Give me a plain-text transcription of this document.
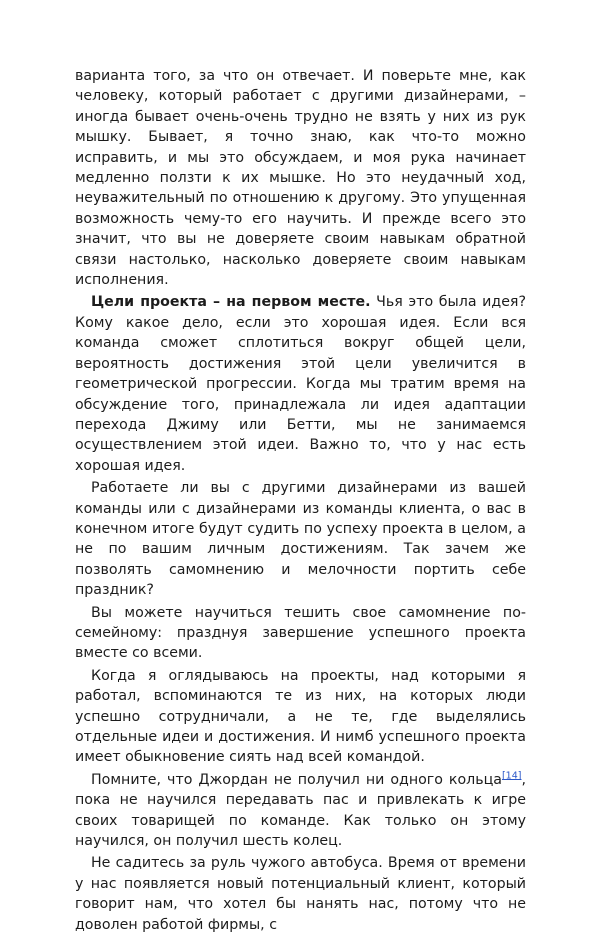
варианта того, за что он отвечает. И поверьте мне, как человеку, который работает с другими дизайнерами, – иногда бывает очень-очень трудно не взять у них из рук мышку. Бывает, я точно знаю, как что-то можно исправить, и мы это обсуждаем, и моя рука начинает медленно ползти к их мышке. Но это неудачный ход, неуважительный по отношению к другому. Это упущенная возможность чему-то его научить. И прежде всего это значит, что вы не доверяете своим навыкам обратной связи настолько, насколько доверяете своим навыкам исполнения.

Цели проекта – на первом месте. Чья это была идея? Кому какое дело, если это хорошая идея. Если вся команда сможет сплотиться вокруг общей цели, вероятность достижения этой цели увеличится в геометрической прогрессии. Когда мы тратим время на обсуждение того, принадлежала ли идея адаптации перехода Джиму или Бетти, мы не занимаемся осуществлением этой идеи. Важно то, что у нас есть хорошая идея.

Работаете ли вы с другими дизайнерами из вашей команды или с дизайнерами из команды клиента, о вас в конечном итоге будут судить по успеху проекта в целом, а не по вашим личным достижениям. Так зачем же позволять самомнению и мелочности портить себе праздник?

Вы можете научиться тешить свое самомнение по-семейному: празднуя завершение успешного проекта вместе со всеми.

Когда я оглядываюсь на проекты, над которыми я работал, вспоминаются те из них, на которых люди успешно сотрудничали, а не те, где выделялись отдельные идеи и достижения. И нимб успешного проекта имеет обыкновение сиять над всей командой.

Помните, что Джордан не получил ни одного кольца[14], пока не научился передавать пас и привлекать к игре своих товарищей по команде. Как только он этому научился, он получил шесть колец.

Не садитесь за руль чужого автобуса. Время от времени у нас появляется новый потенциальный клиент, который говорит нам, что хотел бы нанять нас, потому что не доволен работой фирмы, с
